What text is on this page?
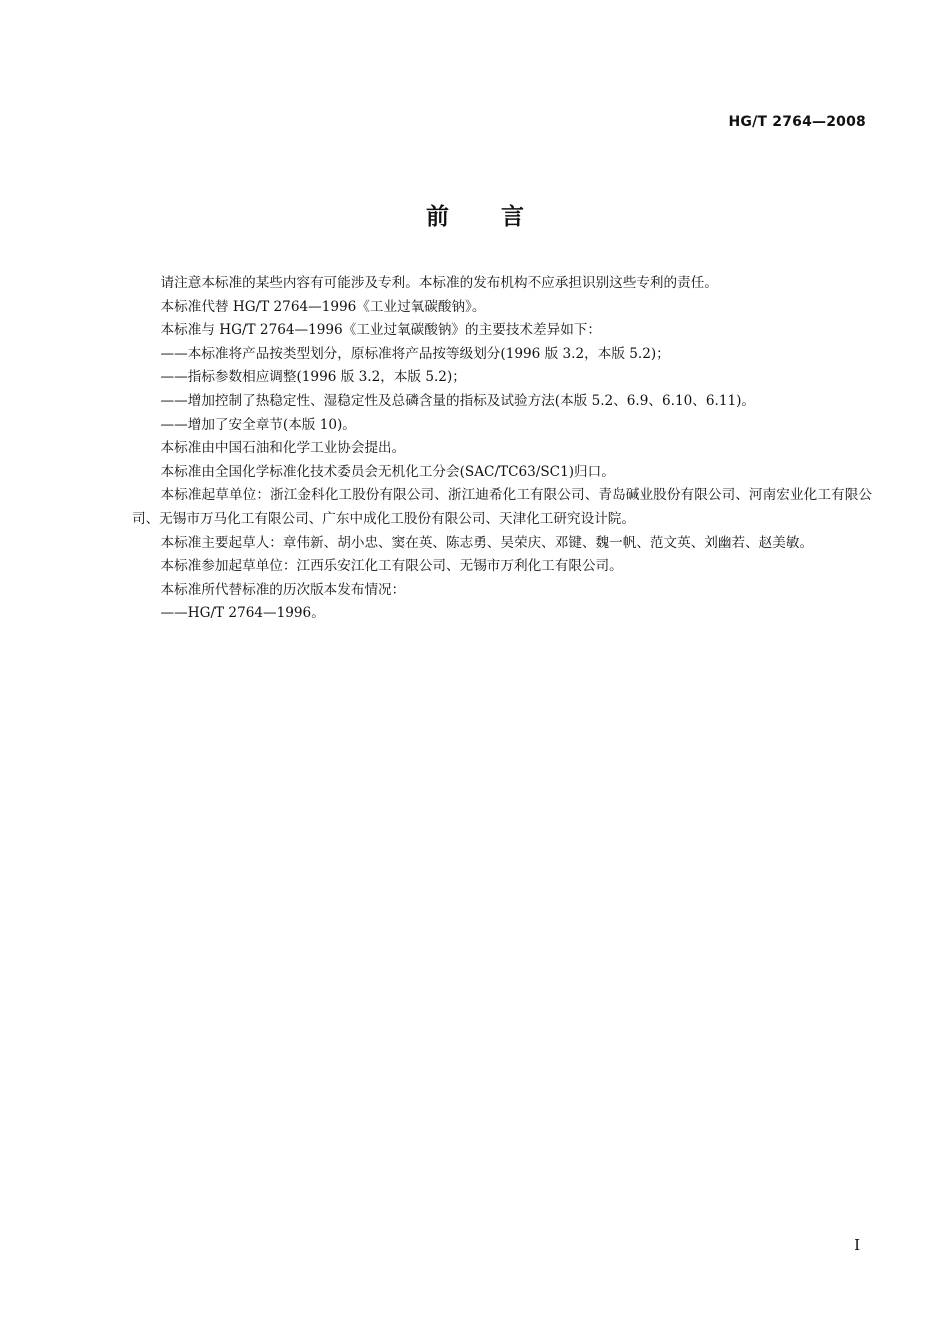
HG/T 2764—2008
前言

请注意本标准的某些内容有可能涉及专利。本标准的发布机构不应承担识别这些专利的责任。

本标准代替 HG/T 2764—1996《工业过氧碳酸钠》。

本标准与 HG/T 2764—1996《工业过氧碳酸钠》的主要技术差异如下：

——本标准将产品按类型划分，原标准将产品按等级划分(1996 版 3.2，本版 5.2)；

——指标参数相应调整(1996 版 3.2，本版 5.2)；

——增加控制了热稳定性、湿稳定性及总磷含量的指标及试验方法(本版 5.2、6.9、6.10、6.11)。

——增加了安全章节(本版 10)。

本标准由中国石油和化学工业协会提出。

本标准由全国化学标准化技术委员会无机化工分会(SAC/TC63/SC1)归口。

本标准起草单位：浙江金科化工股份有限公司、浙江迪希化工有限公司、青岛碱业股份有限公司、河南宏业化工有限公司、无锡市万马化工有限公司、广东中成化工股份有限公司、天津化工研究设计院。

本标准主要起草人：章伟新、胡小忠、窦在英、陈志勇、吴荣庆、邓键、魏一帆、范文英、刘幽若、赵美敏。

本标准参加起草单位：江西乐安江化工有限公司、无锡市万利化工有限公司。

本标准所代替标准的历次版本发布情况：

——HG/T 2764—1996。

I
